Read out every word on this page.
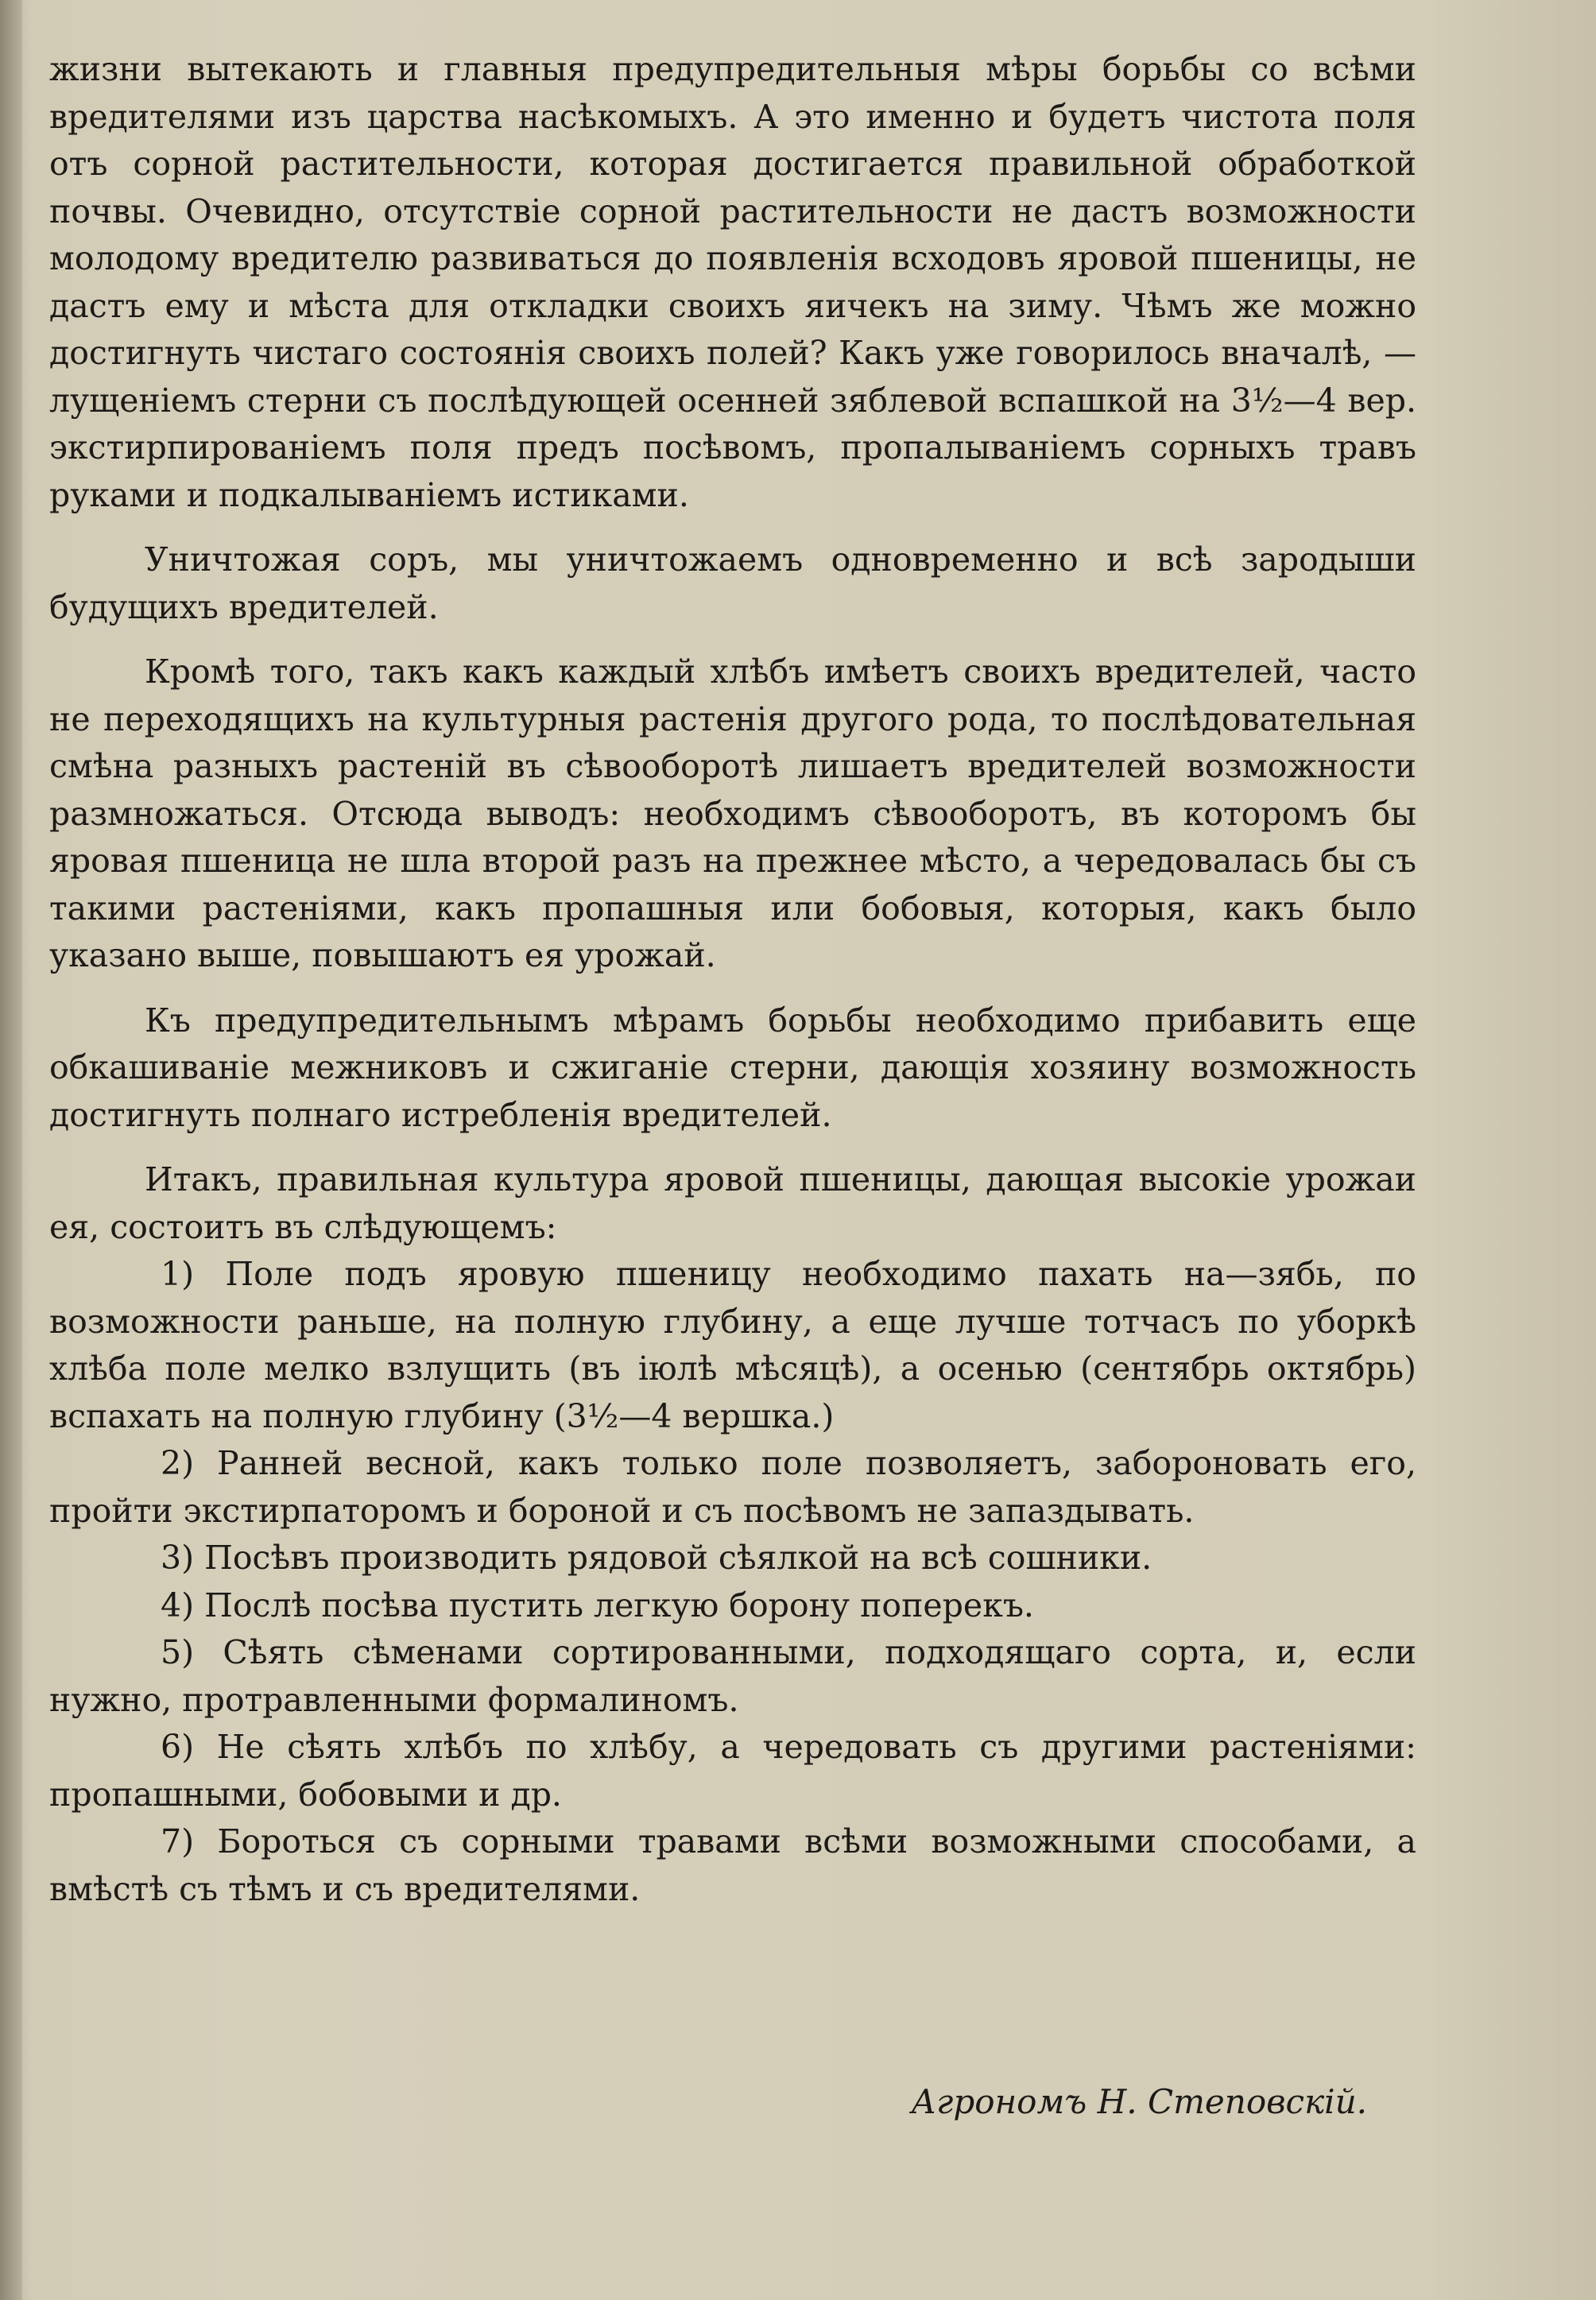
жизни вытекають и главныя предупредительныя мѣры борьбы со всѣми вредителями изъ царства насѣкомыхъ. А это именно и будетъ чистота поля отъ сорной растительности, которая достигается правильной обработкой почвы. Очевидно, отсутствіе сорной растительности не дастъ возможности молодому вредителю развиваться до появленія всходовъ яровой пшеницы, не дастъ ему и мѣста для откладки своихъ яичекъ на зиму. Чѣмъ же можно достигнуть чистаго состоянія своихъ полей? Какъ уже говорилось вначалѣ, — лущеніемъ стерни съ послѣдующей осенней зяблевой вспашкой на 3½—4 вер. экстирпированіемъ поля предъ посѣвомъ, пропалываніемъ сорныхъ травъ руками и подкалываніемъ истиками.

Уничтожая соръ, мы уничтожаемъ одновременно и всѣ зародыши будущихъ вредителей.

Кромѣ того, такъ какъ каждый хлѣбъ имѣетъ своихъ вредителей, часто не переходящихъ на культурныя растенія другого рода, то послѣдовательная смѣна разныхъ растеній въ сѣвооборотѣ лишаетъ вредителей возможности размножаться. Отсюда выводъ: необходимъ сѣвооборотъ, въ которомъ бы яровая пшеница не шла второй разъ на прежнее мѣсто, а чередовалась бы съ такими растеніями, какъ пропашныя или бобовыя, которыя, какъ было указано выше, повышаютъ ея урожай.

Къ предупредительнымъ мѣрамъ борьбы необходимо прибавить еще обкашиваніе межниковъ и сжиганіе стерни, дающія хозяину возможность достигнуть полнаго истребленія вредителей.

Итакъ, правильная культура яровой пшеницы, дающая высокіе урожаи ея, состоитъ въ слѣдующемъ:

1) Поле подъ яровую пшеницу необходимо пахать на—зябь, по возможности раньше, на полную глубину, а еще лучше тотчасъ по уборкѣ хлѣба поле мелко взлущить (въ іюлѣ мѣсяцѣ), а осенью (сентябрь октябрь) вспахать на полную глубину (3½—4 вершка.)

2) Ранней весной, какъ только поле позволяетъ, заборонoвать его, пройти экстирпаторомъ и бороной и съ посѣвомъ не запаздывать.

3) Посѣвъ производить рядовой сѣялкой на всѣ сошники.

4) Послѣ посѣва пустить легкую борону поперекъ.

5) Сѣять сѣменами сортированными, подходящаго сорта, и, если нужно, протравленными формалиномъ.

6) Не сѣять хлѣбъ по хлѣбу, а чередовать съ другими растеніями: пропашными, бобовыми и др.

7) Бороться съ сорными травами всѣми возможными способами, а вмѣстѣ съ тѣмъ и съ вредителями.

Агрономъ Н. Степовскій.
